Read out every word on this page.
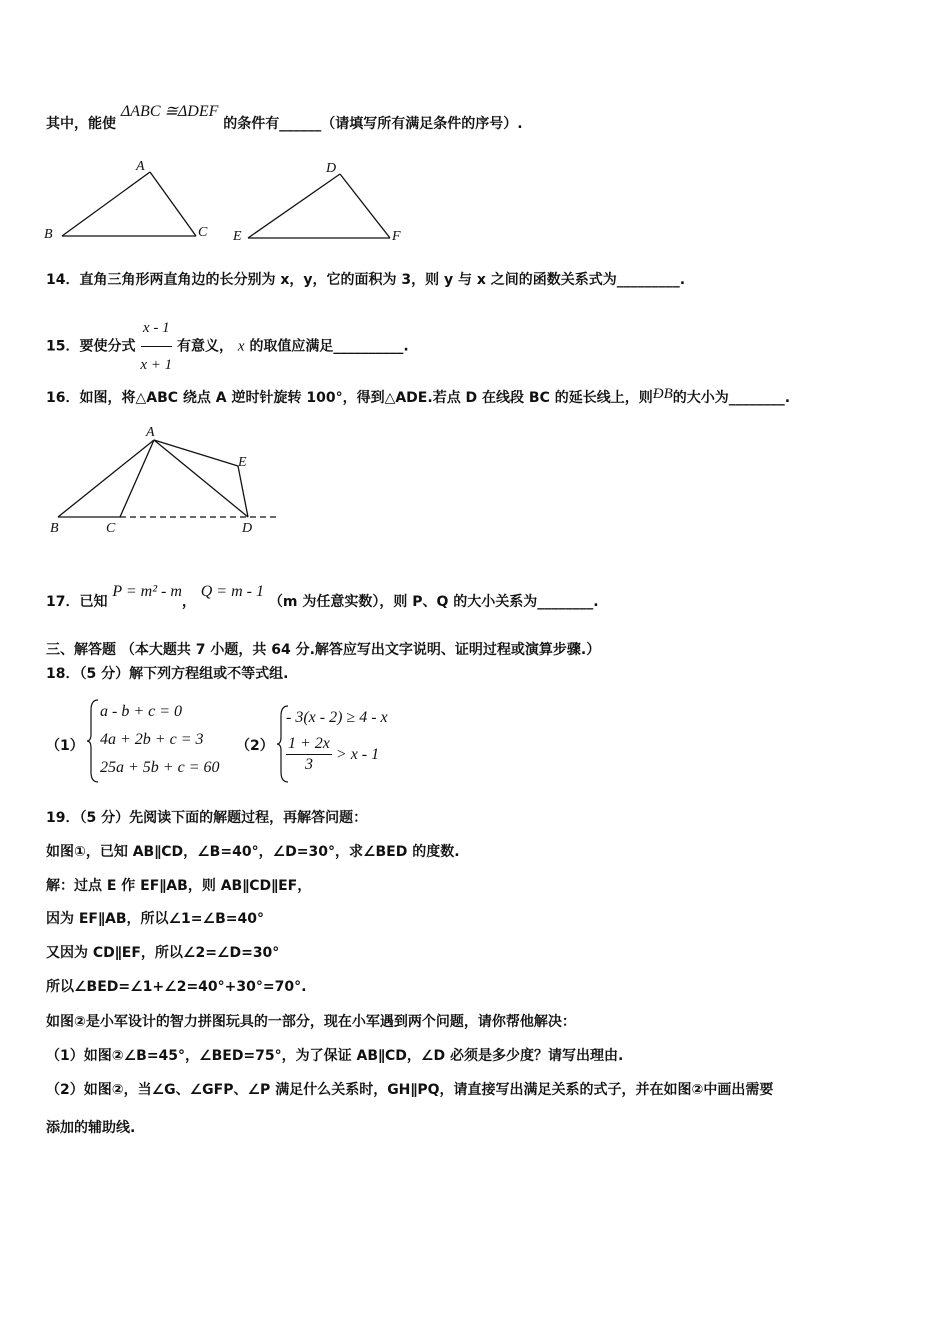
其中，能使 ΔABC ≅ΔDEF 的条件有______（请填写所有满足条件的序号）.
A
B	C
D
E	F
14．直角三角形两直角边的长分别为 x，y，它的面积为 3，则 y 与 x 之间的函数关系式为_________.
15．要使分式 $\frac{x - 1}{x + 1}$ 有意义， x 的取值应满足__________.
16．如图，将△ABC 绕点 A 逆时针旋转 100°，得到△ADE.若点 D 在线段 BC 的延长线上，则ÐB的大小为________.
A
B	C	D
E
17．已知 P = m² - m， Q = m - 1 （m 为任意实数），则 P、Q 的大小关系为________.
三、解答题 （本大题共 7 小题，共 64 分.解答应写出文字说明、证明过程或演算步骤.）
18．（5 分）解下列方程组或不等式组.
（1）
a - b + c = 0
4a + 2b + c = 3
25a + 5b + c = 60
（2）
- 3(x - 2) ≥ 4 - x
$\frac{1 + 2x}{3} > x - 1$
19．（5 分）先阅读下面的解题过程，再解答问题：
如图①，已知 AB∥CD，∠B=40°，∠D=30°，求∠BED 的度数.
解：过点 E 作 EF∥AB，则 AB∥CD∥EF，
因为 EF∥AB，所以∠1=∠B=40°
又因为 CD∥EF，所以∠2=∠D=30°
所以∠BED=∠1+∠2=40°+30°=70°.
如图②是小军设计的智力拼图玩具的一部分，现在小军遇到两个问题，请你帮他解决：
（1）如图②∠B=45°，∠BED=75°，为了保证 AB∥CD，∠D 必须是多少度？请写出理由.
（2）如图②，当∠G、∠GFP、∠P 满足什么关系时，GH∥PQ，请直接写出满足关系的式子，并在如图②中画出需要
添加的辅助线.
